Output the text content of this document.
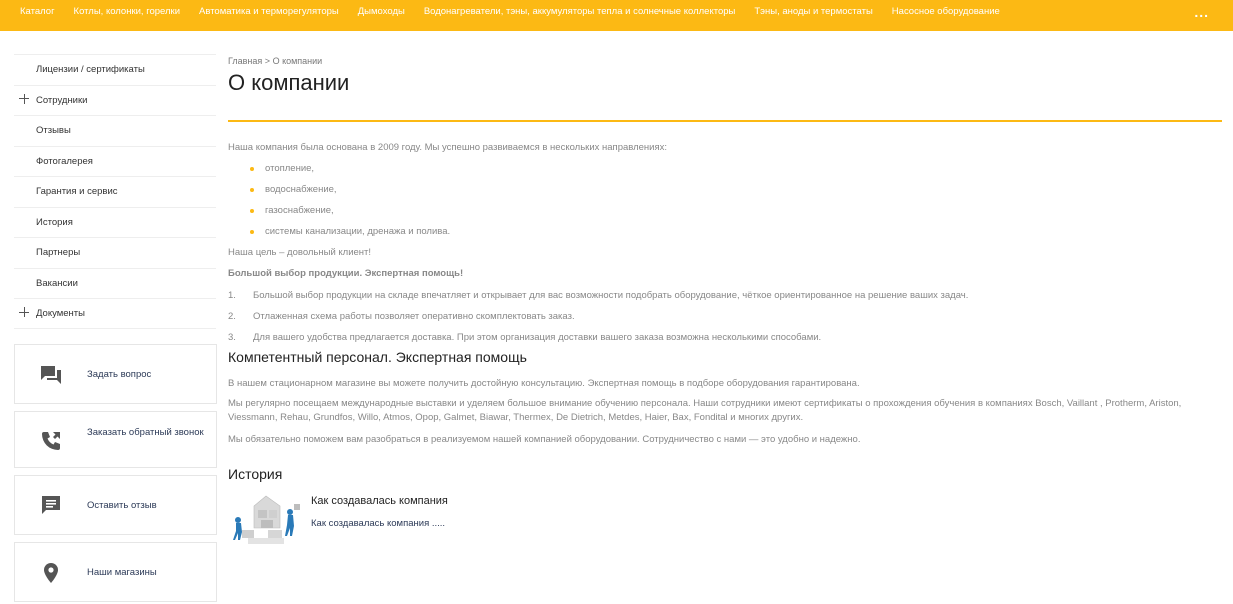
Каталог Котлы, колонки, горелки Автоматика и терморегуляторы Дымоходы Водонагреватели, тэны, аккумуляторы тепла и солнечные коллекторы Тэны, аноды и термостаты Насосное оборудование	...
Лицензии / сертификаты
Сотрудники
Отзывы
Фотогалерея
Гарантия и сервис
История
Партнеры
Вакансии
Документы
Задать вопрос
Заказать обратный звонок
Оставить отзыв
Наши магазины
Главная > О компании
О компании
Наша компания была основана в 2009 году. Мы успешно развиваемся в нескольких направлениях:
отопление,
водоснабжение,
газоснабжение,
системы канализации, дренажа и полива.
Наша цель – довольный клиент!
Большой выбор продукции. Экспертная помощь!
1. Большой выбор продукции на складе впечатляет и открывает для вас возможности подобрать оборудование, чёткое ориентированное на решение ваших задач.
2. Отлаженная схема работы позволяет оперативно скомплектовать заказ.
3. Для вашего удобства предлагается доставка. При этом организация доставки вашего заказа возможна несколькими способами.
Компетентный персонал. Экспертная помощь
В нашем стационарном магазине вы можете получить достойную консультацию. Экспертная помощь в подборе оборудования гарантирована.
Мы регулярно посещаем международные выставки и уделяем большое внимание обучению персонала. Наши сотрудники имеют сертификаты о прохождения обучения в компаниях Bosch, Vaillant , Protherm, Ariston, Viessmann, Rehau, Grundfos, Willo, Atmos, Opop, Galmet, Biawar, Thermex, De Dietrich, Metdes, Haier, Bax, Fondital и многих других.
Мы обязательно поможем вам разобраться в реализуемом нашей компанией оборудовании. Сотрудничество с нами — это удобно и надежно.
История
Как создавалась компания
Как создавалась компания .....
